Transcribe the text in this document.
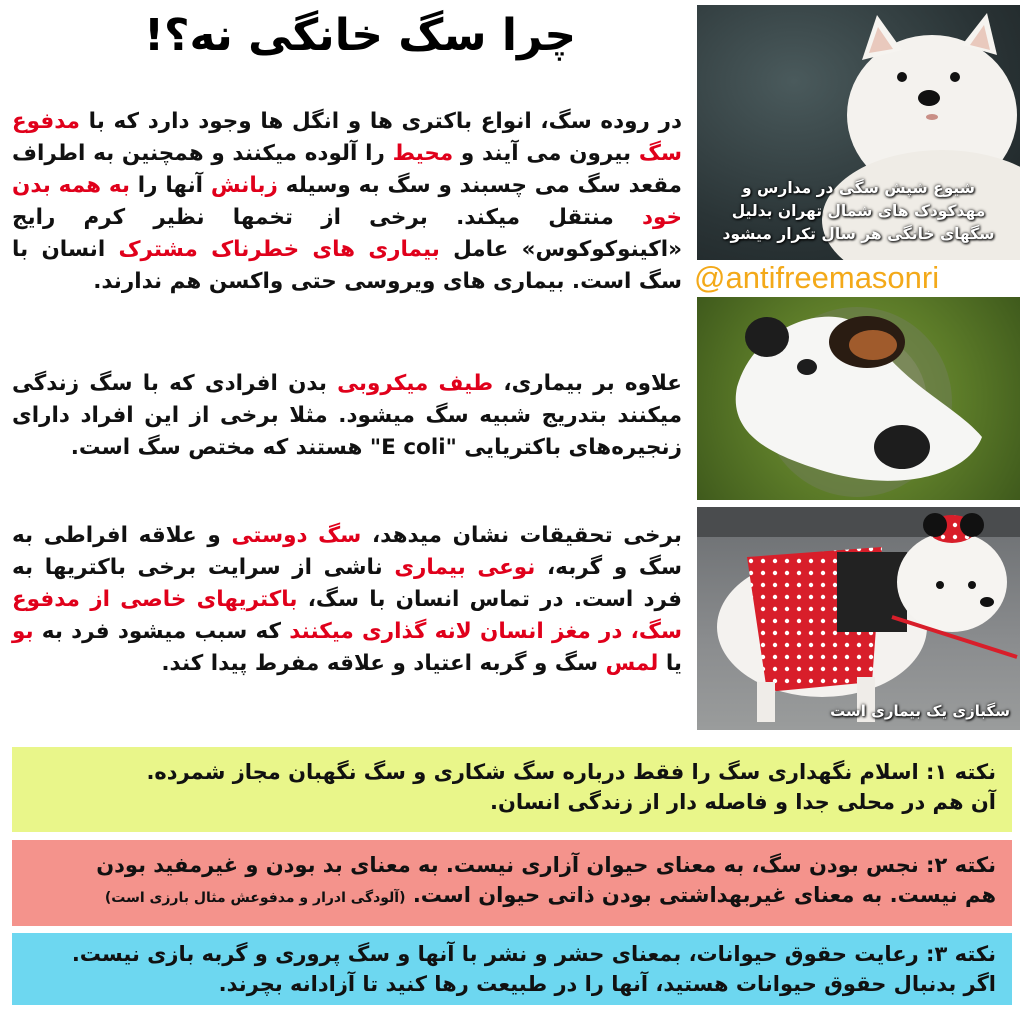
چرا سگ خانگی نه؟!
در روده سگ، انواع باکتری ها و انگل ها وجود دارد که با مدفوع سگ بیرون می آیند و محیط را آلوده میکنند و همچنین به اطراف مقعد سگ می چسبند و سگ به وسیله زبانش آنها را به همه بدن خود منتقل میکند. برخی از تخمها نظیر کرم رایج «اکینوکوکوس» عامل بیماری های خطرناک مشترک انسان با سگ است. بیماری های ویروسی حتی واکسن هم ندارند.
علاوه بر بیماری، طیف میکروبی بدن افرادی که با سگ زندگی میکنند بتدریج شبیه سگ میشود. مثلا برخی از این افراد دارای زنجیره‌های باکتریایی "E coli" هستند که مختص سگ است.
برخی تحقیقات نشان میدهد، سگ دوستی و علاقه افراطی به سگ و گربه، نوعی بیماری ناشی از سرایت برخی باکتریها به فرد است. در تماس انسان با سگ، باکتریهای خاصی از مدفوع سگ، در مغز انسان لانه گذاری میکنند که سبب میشود فرد به بو یا لمس سگ و گربه اعتیاد و علاقه مفرط پیدا کند.
شیوع شپش سگی در مدارس و
مهدکودک های شمال تهران بدلیل
سگهای خانگی هر سال تکرار میشود
@antifreemasonri
سگبازی یک بیماری است
نکته ۱: اسلام نگهداری سگ را فقط درباره سگ شکاری و سگ نگهبان مجاز شمرده.
آن هم در محلی جدا و فاصله دار از زندگی انسان.
نکته ۲: نجس بودن سگ، به معنای حیوان آزاری نیست. به معنای بد بودن و غیرمفید بودن
هم نیست. به معنای غیربهداشتی بودن ذاتی حیوان است. (آلودگی ادرار و مدفوعش مثال بارزی است)
نکته ۳: رعایت حقوق حیوانات، بمعنای حشر و نشر با آنها و سگ پروری و گربه بازی نیست.
اگر بدنبال حقوق حیوانات هستید، آنها را در طبیعت رها کنید تا آزادانه بچرند.
